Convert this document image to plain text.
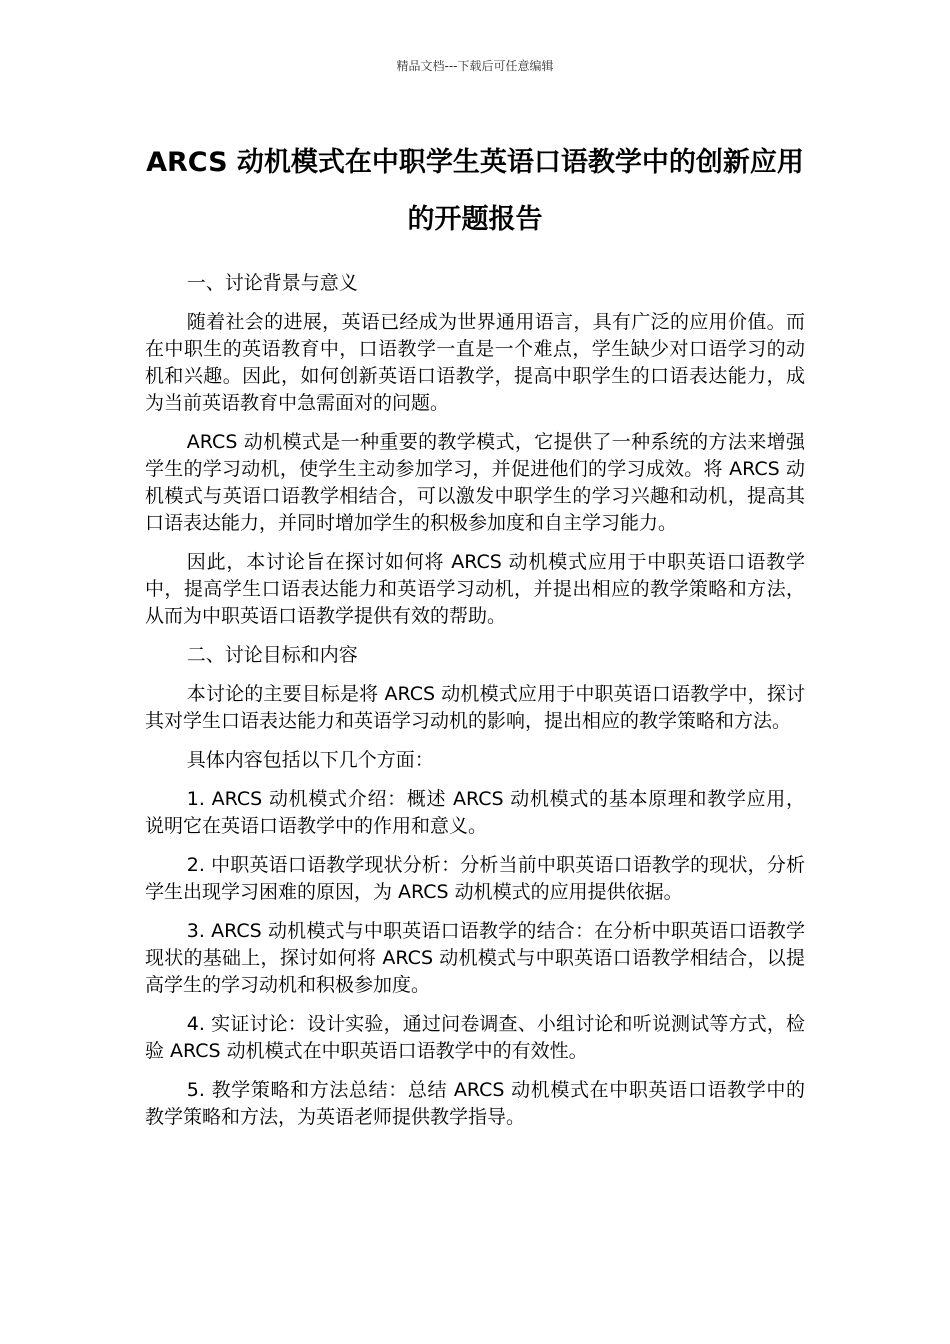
精品文档---下载后可任意编辑
ARCS 动机模式在中职学生英语口语教学中的创新应用的开题报告

一、讨论背景与意义

随着社会的进展，英语已经成为世界通用语言，具有广泛的应用价值。而在中职生的英语教育中，口语教学一直是一个难点，学生缺少对口语学习的动机和兴趣。因此，如何创新英语口语教学，提高中职学生的口语表达能力，成为当前英语教育中急需面对的问题。

ARCS 动机模式是一种重要的教学模式，它提供了一种系统的方法来增强学生的学习动机，使学生主动参加学习，并促进他们的学习成效。将 ARCS 动机模式与英语口语教学相结合，可以激发中职学生的学习兴趣和动机，提高其口语表达能力，并同时增加学生的积极参加度和自主学习能力。

因此，本讨论旨在探讨如何将 ARCS 动机模式应用于中职英语口语教学中，提高学生口语表达能力和英语学习动机，并提出相应的教学策略和方法，从而为中职英语口语教学提供有效的帮助。

二、讨论目标和内容

本讨论的主要目标是将 ARCS 动机模式应用于中职英语口语教学中，探讨其对学生口语表达能力和英语学习动机的影响，提出相应的教学策略和方法。

具体内容包括以下几个方面：

1. ARCS 动机模式介绍：概述 ARCS 动机模式的基本原理和教学应用，说明它在英语口语教学中的作用和意义。

2. 中职英语口语教学现状分析：分析当前中职英语口语教学的现状，分析学生出现学习困难的原因，为 ARCS 动机模式的应用提供依据。

3. ARCS 动机模式与中职英语口语教学的结合：在分析中职英语口语教学现状的基础上，探讨如何将 ARCS 动机模式与中职英语口语教学相结合，以提高学生的学习动机和积极参加度。

4. 实证讨论：设计实验，通过问卷调查、小组讨论和听说测试等方式，检验 ARCS 动机模式在中职英语口语教学中的有效性。

5. 教学策略和方法总结：总结 ARCS 动机模式在中职英语口语教学中的教学策略和方法，为英语老师提供教学指导。
